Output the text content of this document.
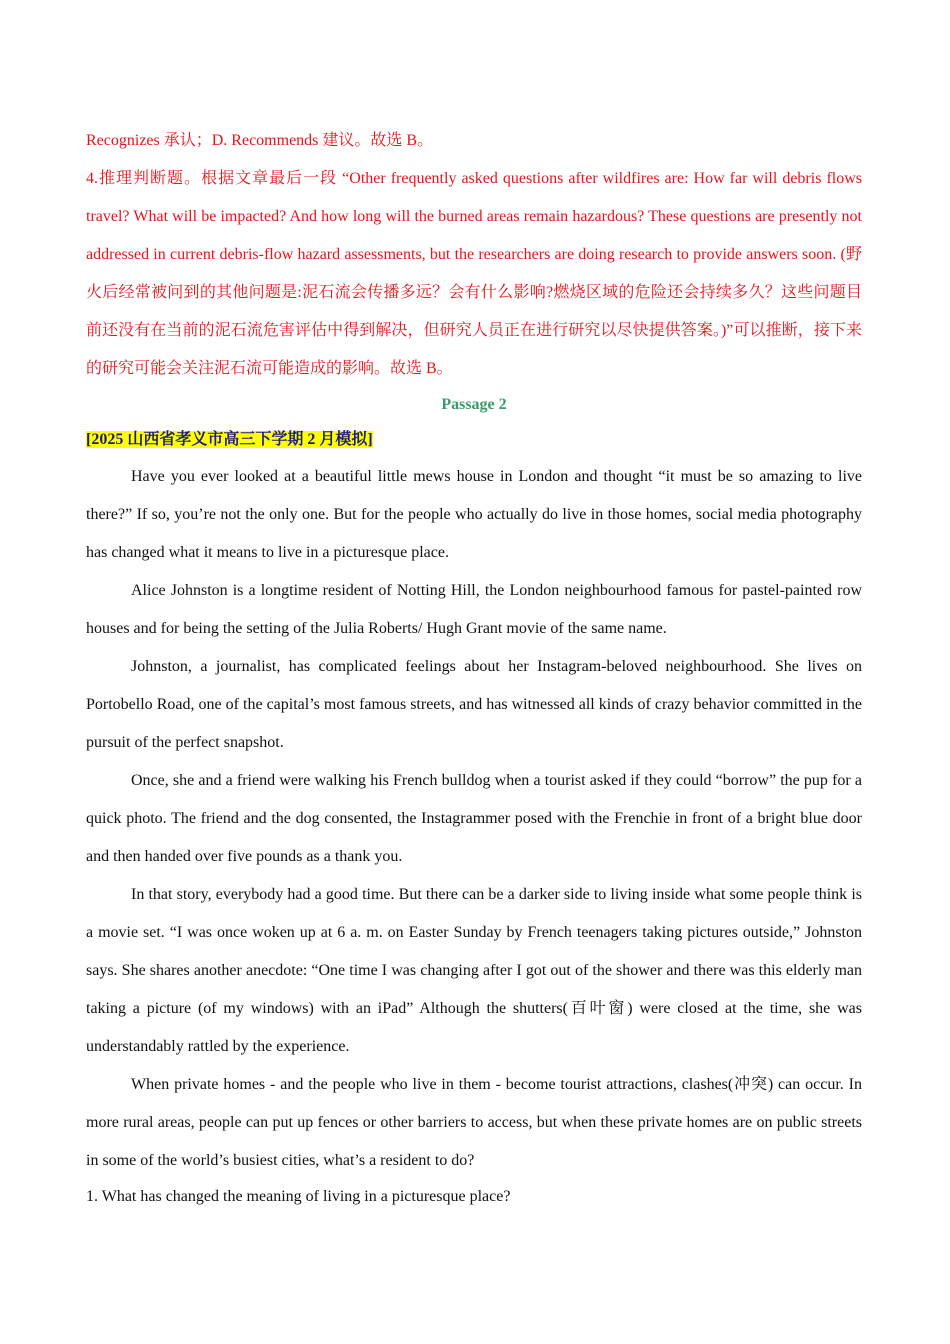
Recognizes 承认；D. Recommends 建议。故选 B。

4.推理判断题。根据文章最后一段 “Other frequently asked questions after wildfires are: How far will debris flows travel? What will be impacted? And how long will the burned areas remain hazardous? These questions are presently not addressed in current debris-flow hazard assessments, but the researchers are doing research to provide answers soon. (野火后经常被问到的其他问题是:泥石流会传播多远？会有什么影响?燃烧区域的危险还会持续多久？这些问题目前还没有在当前的泥石流危害评估中得到解决，但研究人员正在进行研究以尽快提供答案。)”可以推断，接下来的研究可能会关注泥石流可能造成的影响。故选 B。

Passage 2

[2025 山西省孝义市高三下学期 2 月模拟]

Have you ever looked at a beautiful little mews house in London and thought “it must be so amazing to live there?” If so, you’re not the only one. But for the people who actually do live in those homes, social media photography has changed what it means to live in a picturesque place.

Alice Johnston is a longtime resident of Notting Hill, the London neighbourhood famous for pastel-painted row houses and for being the setting of the Julia Roberts/ Hugh Grant movie of the same name.

Johnston, a journalist, has complicated feelings about her Instagram-beloved neighbourhood. She lives on Portobello Road, one of the capital’s most famous streets, and has witnessed all kinds of crazy behavior committed in the pursuit of the perfect snapshot.

Once, she and a friend were walking his French bulldog when a tourist asked if they could “borrow” the pup for a quick photo. The friend and the dog consented, the Instagrammer posed with the Frenchie in front of a bright blue door and then handed over five pounds as a thank you.

In that story, everybody had a good time. But there can be a darker side to living inside what some people think is a movie set. “I was once woken up at 6 a. m. on Easter Sunday by French teenagers taking pictures outside,” Johnston says. She shares another anecdote: “One time I was changing after I got out of the shower and there was this elderly man taking a picture (of my windows) with an iPad” Although the shutters(百叶窗) were closed at the time, she was understandably rattled by the experience.

When private homes - and the people who live in them - become tourist attractions, clashes(冲突) can occur. In more rural areas, people can put up fences or other barriers to access, but when these private homes are on public streets in some of the world’s busiest cities, what’s a resident to do?

1. What has changed the meaning of living in a picturesque place?
